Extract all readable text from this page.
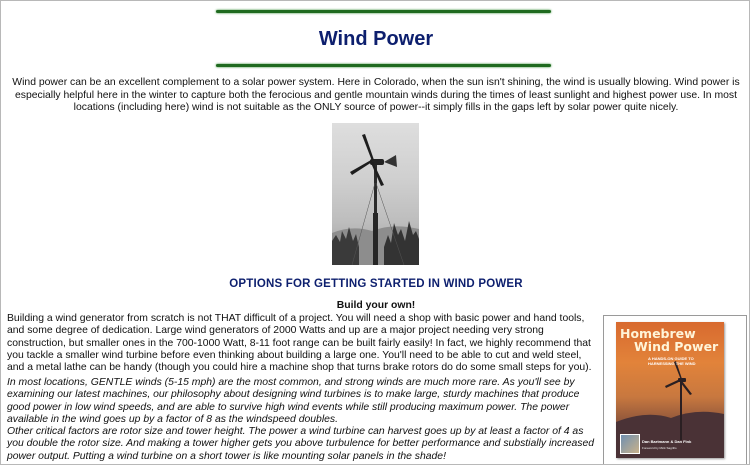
Wind Power

Wind power can be an excellent complement to a solar power system. Here in Colorado, when the sun isn't shining, the wind is usually blowing. Wind power is especially helpful here in the winter to capture both the ferocious and gentle mountain winds during the times of least sunlight and highest power use. In most locations (including here) wind is not suitable as the ONLY source of power--it simply fills in the gaps left by solar power quite nicely.

OPTIONS FOR GETTING STARTED IN WIND POWER
Build your own!

Building a wind generator from scratch is not THAT difficult of a project. You will need a shop with basic power and hand tools, and some degree of dedication. Large wind generators of 2000 Watts and up are a major project needing very strong construction, but smaller ones in the 700-1000 Watt, 8-11 foot range can be built fairly easily! In fact, we highly recommend that you tackle a smaller wind turbine before even thinking about building a large one. You'll need to be able to cut and weld steel, and a metal lathe can be handy (though you could hire a machine shop that turns brake rotors do do some small steps for you).

In most locations, GENTLE winds (5-15 mph) are the most common, and strong winds are much more rare. As you'll see by examining our latest machines, our philosophy about designing wind turbines is to make large, sturdy machines that produce good power in low wind speeds, and are able to survive high wind events while still producing maximum power. The power available in the wind goes up by a factor of 8 as the windspeed doubles.
Other critical factors are rotor size and tower height. The power a wind turbine can harvest goes up by at least a factor of 4 as you double the rotor size. And making a tower higher gets you above turbulence for better performance and substially increased power output. Putting a wind turbine on a short tower is like mounting solar panels in the shade!
Homebrew
Wind Power
A HANDS-ON GUIDE TO HARNESSING THE WIND
Dan Bartmann & Dan Fink
Foreword by Mick Sagrillo
